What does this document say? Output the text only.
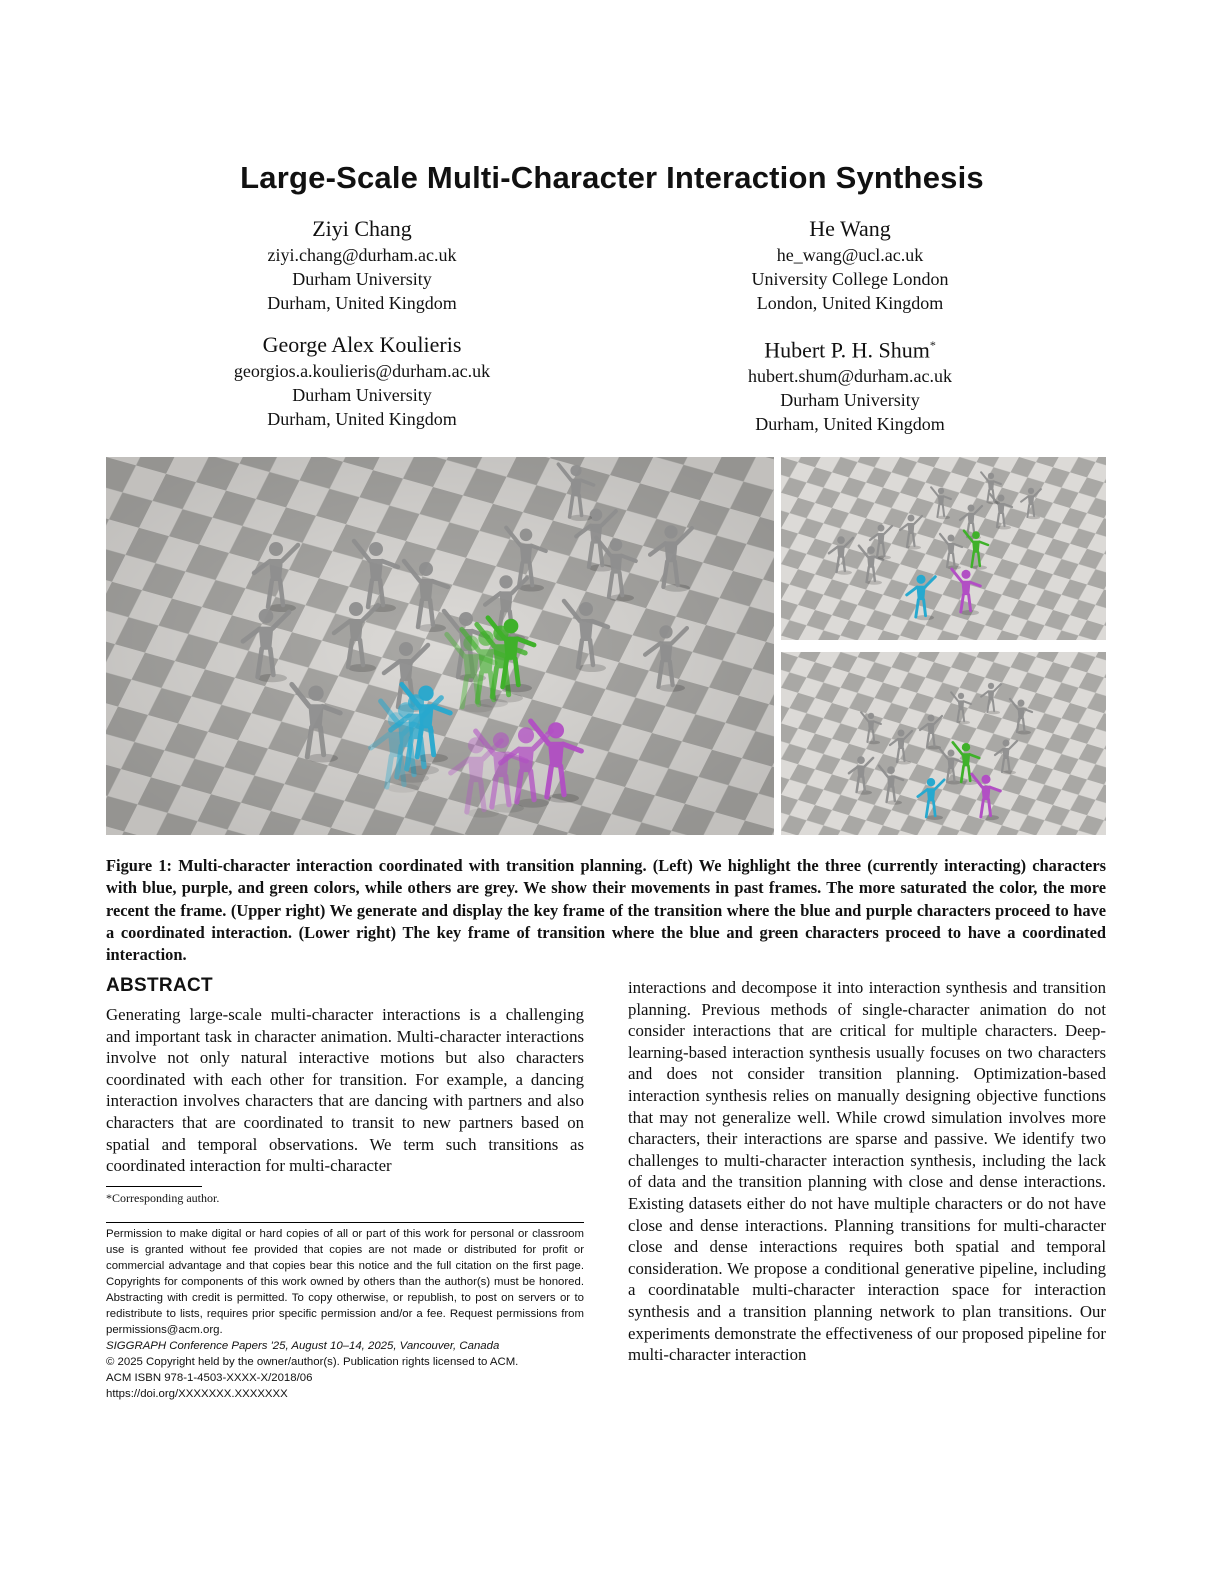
Large-Scale Multi-Character Interaction Synthesis
Ziyi Chang
ziyi.chang@durham.ac.uk
Durham University
Durham, United Kingdom
He Wang
he_wang@ucl.ac.uk
University College London
London, United Kingdom
George Alex Koulieris
georgios.a.koulieris@durham.ac.uk
Durham University
Durham, United Kingdom
Hubert P. H. Shum*
hubert.shum@durham.ac.uk
Durham University
Durham, United Kingdom
Figure 1: Multi-character interaction coordinated with transition planning. (Left) We highlight the three (currently interacting) characters with blue, purple, and green colors, while others are grey. We show their movements in past frames. The more saturated the color, the more recent the frame. (Upper right) We generate and display the key frame of the transition where the blue and purple characters proceed to have a coordinated interaction. (Lower right) The key frame of transition where the blue and green characters proceed to have a coordinated interaction.
ABSTRACT
Generating large-scale multi-character interactions is a challenging and important task in character animation. Multi-character interactions involve not only natural interactive motions but also characters coordinated with each other for transition. For example, a dancing interaction involves characters that are dancing with partners and also characters that are coordinated to transit to new partners based on spatial and temporal observations. We term such transitions as coordinated interaction for multi-character
interactions and decompose it into interaction synthesis and transition planning. Previous methods of single-character animation do not consider interactions that are critical for multiple characters. Deep-learning-based interaction synthesis usually focuses on two characters and does not consider transition planning. Optimization-based interaction synthesis relies on manually designing objective functions that may not generalize well. While crowd simulation involves more characters, their interactions are sparse and passive. We identify two challenges to multi-character interaction synthesis, including the lack of data and the transition planning with close and dense interactions. Existing datasets either do not have multiple characters or do not have close and dense interactions. Planning transitions for multi-character close and dense interactions requires both spatial and temporal consideration. We propose a conditional generative pipeline, including a coordinatable multi-character interaction space for interaction synthesis and a transition planning network to plan transitions. Our experiments demonstrate the effectiveness of our proposed pipeline for multi-character interaction
*Corresponding author.

Permission to make digital or hard copies of all or part of this work for personal or classroom use is granted without fee provided that copies are not made or distributed for profit or commercial advantage and that copies bear this notice and the full citation on the first page. Copyrights for components of this work owned by others than the author(s) must be honored. Abstracting with credit is permitted. To copy otherwise, or republish, to post on servers or to redistribute to lists, requires prior specific permission and/or a fee. Request permissions from permissions@acm.org.

SIGGRAPH Conference Papers '25, August 10–14, 2025, Vancouver, Canada
© 2025 Copyright held by the owner/author(s). Publication rights licensed to ACM.
ACM ISBN 978-1-4503-XXXX-X/2018/06
https://doi.org/XXXXXXX.XXXXXXX
